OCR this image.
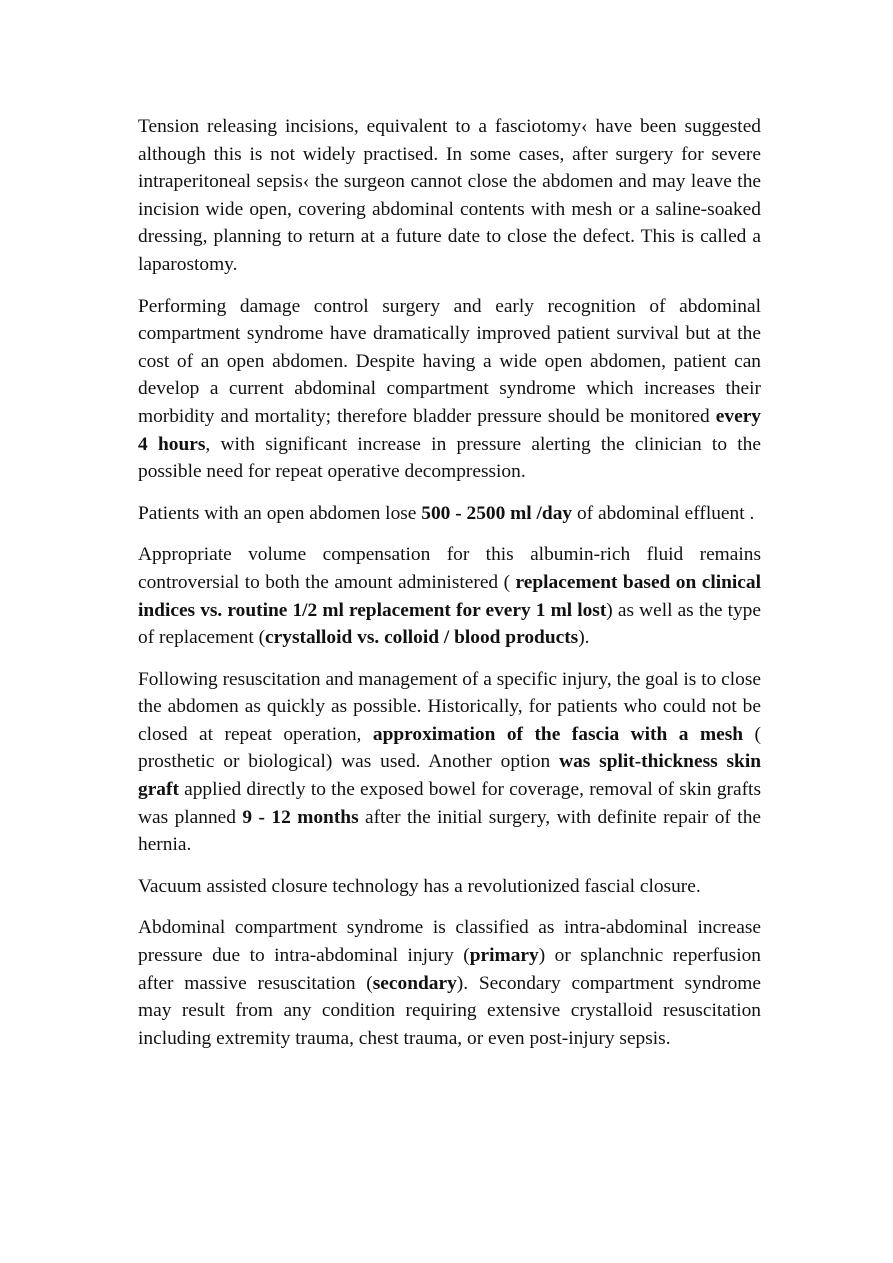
Tension releasing incisions, equivalent to a fasciotomy‹ have been suggested although this is not widely practised. In some cases, after surgery for severe intraperitoneal sepsis‹ the surgeon cannot close the abdomen and may leave the incision wide open, covering abdominal contents with mesh or a saline-soaked dressing, planning to return at a future date to close the defect. This is called a laparostomy.

Performing damage control surgery and early recognition of abdominal compartment syndrome have dramatically improved patient survival but at the cost of an open abdomen. Despite having a wide open abdomen, patient can develop a current abdominal compartment syndrome which increases their morbidity and mortality; therefore bladder pressure should be monitored every 4 hours, with significant increase in pressure alerting the clinician to the possible need for repeat operative decompression.

Patients with an open abdomen lose 500 - 2500 ml /day of abdominal effluent .

Appropriate volume compensation for this albumin-rich fluid remains controversial to both the amount administered ( replacement based on clinical indices vs. routine 1/2 ml replacement for every 1 ml lost) as well as the type of replacement (crystalloid vs. colloid / blood products).

Following resuscitation and management of a specific injury, the goal is to close the abdomen as quickly as possible. Historically, for patients who could not be closed at repeat operation, approximation of the fascia with a mesh ( prosthetic or biological) was used. Another option was split-thickness skin graft applied directly to the exposed bowel for coverage, removal of skin grafts was planned 9 - 12 months after the initial surgery, with definite repair of the hernia.

Vacuum assisted closure technology has a revolutionized fascial closure.

Abdominal compartment syndrome is classified as intra-abdominal increase pressure due to intra-abdominal injury (primary) or splanchnic reperfusion after massive resuscitation (secondary). Secondary compartment syndrome may result from any condition requiring extensive crystalloid resuscitation including extremity trauma, chest trauma, or even post-injury sepsis.
